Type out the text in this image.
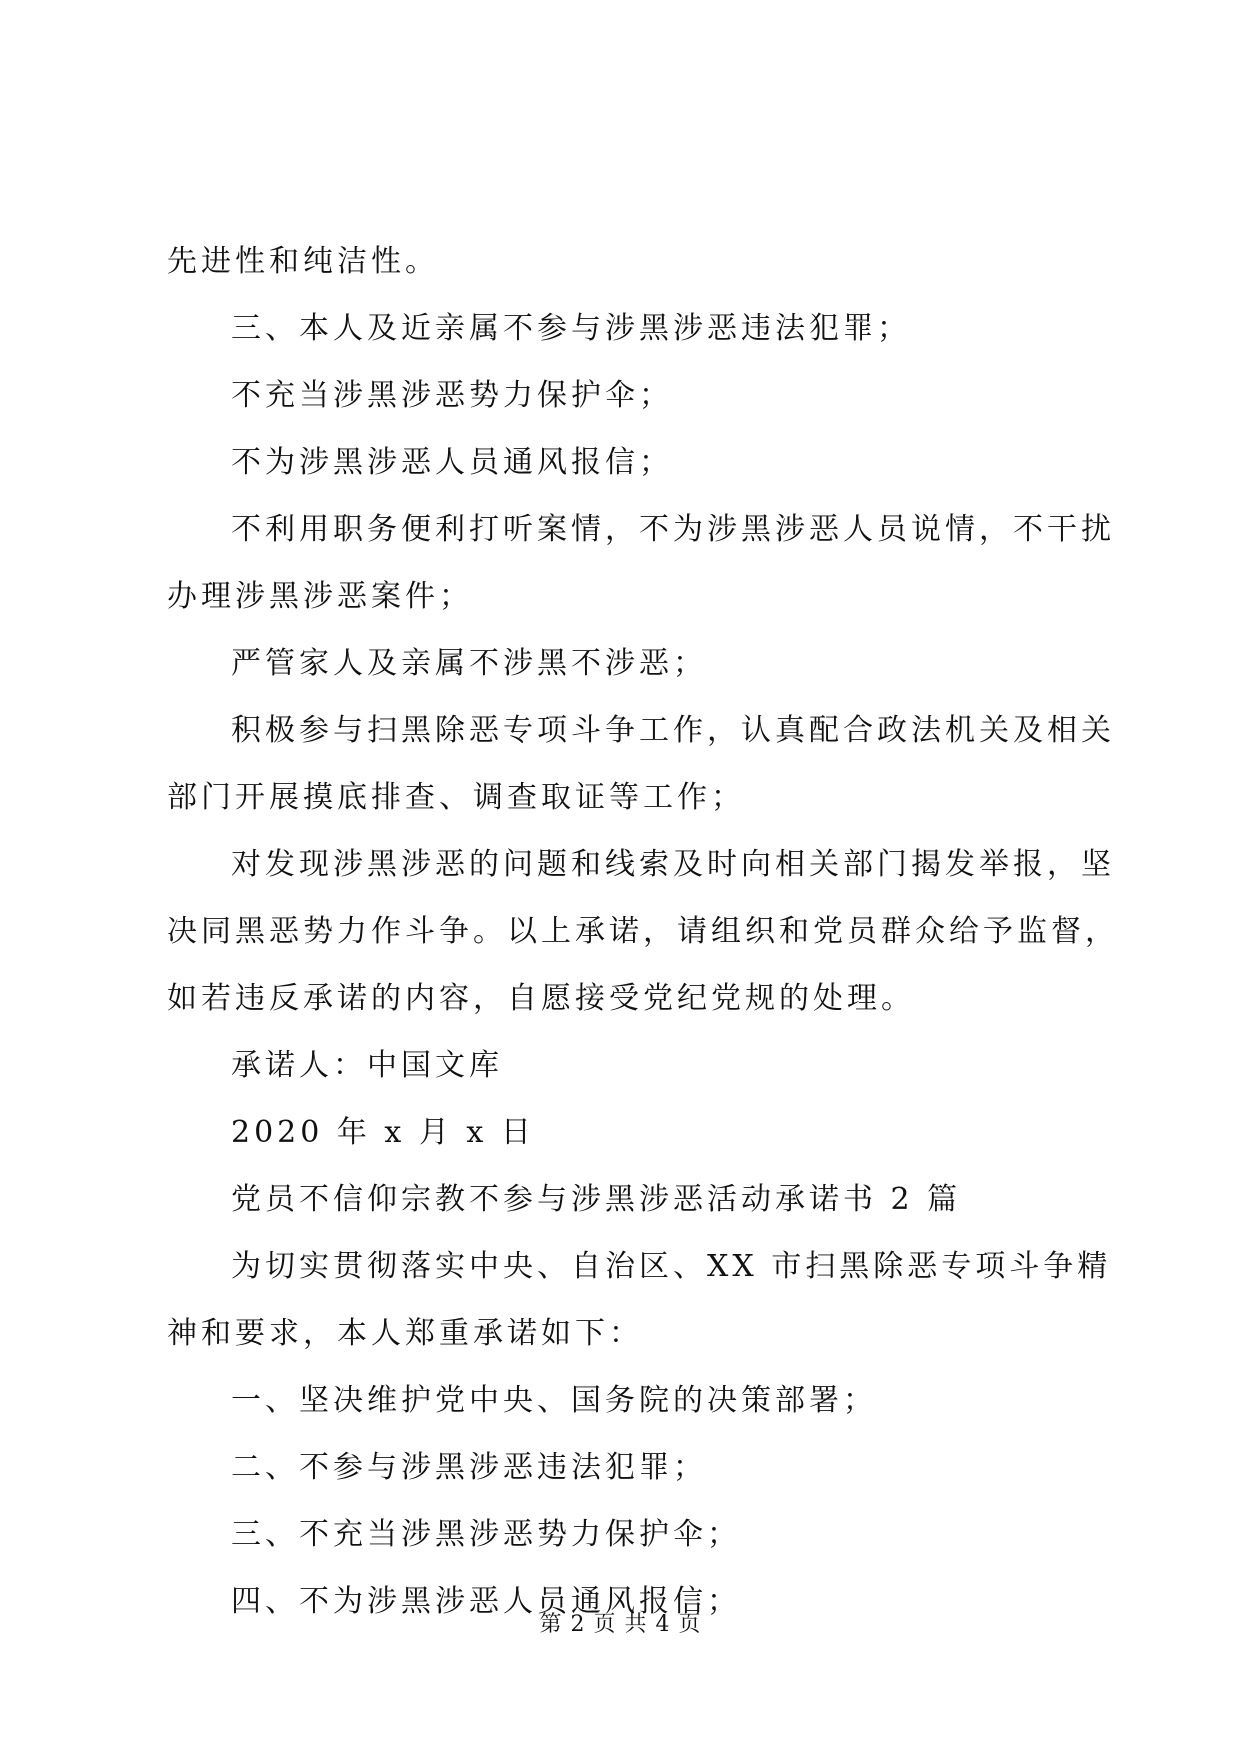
先进性和纯洁性。
三、本人及近亲属不参与涉黑涉恶违法犯罪；
不充当涉黑涉恶势力保护伞；
不为涉黑涉恶人员通风报信；
不利用职务便利打听案情，不为涉黑涉恶人员说情，不干扰
办理涉黑涉恶案件；
严管家人及亲属不涉黑不涉恶；
积极参与扫黑除恶专项斗争工作，认真配合政法机关及相关
部门开展摸底排查、调查取证等工作；
对发现涉黑涉恶的问题和线索及时向相关部门揭发举报，坚
决同黑恶势力作斗争。以上承诺，请组织和党员群众给予监督，
如若违反承诺的内容，自愿接受党纪党规的处理。
承诺人：中国文库
2020 年 x 月 x 日
党员不信仰宗教不参与涉黑涉恶活动承诺书 2 篇
为切实贯彻落实中央、自治区、XX 市扫黑除恶专项斗争精
神和要求，本人郑重承诺如下：
一、坚决维护党中央、国务院的决策部署；
二、不参与涉黑涉恶违法犯罪；
三、不充当涉黑涉恶势力保护伞；
四、不为涉黑涉恶人员通风报信；
第 2 页 共 4 页
